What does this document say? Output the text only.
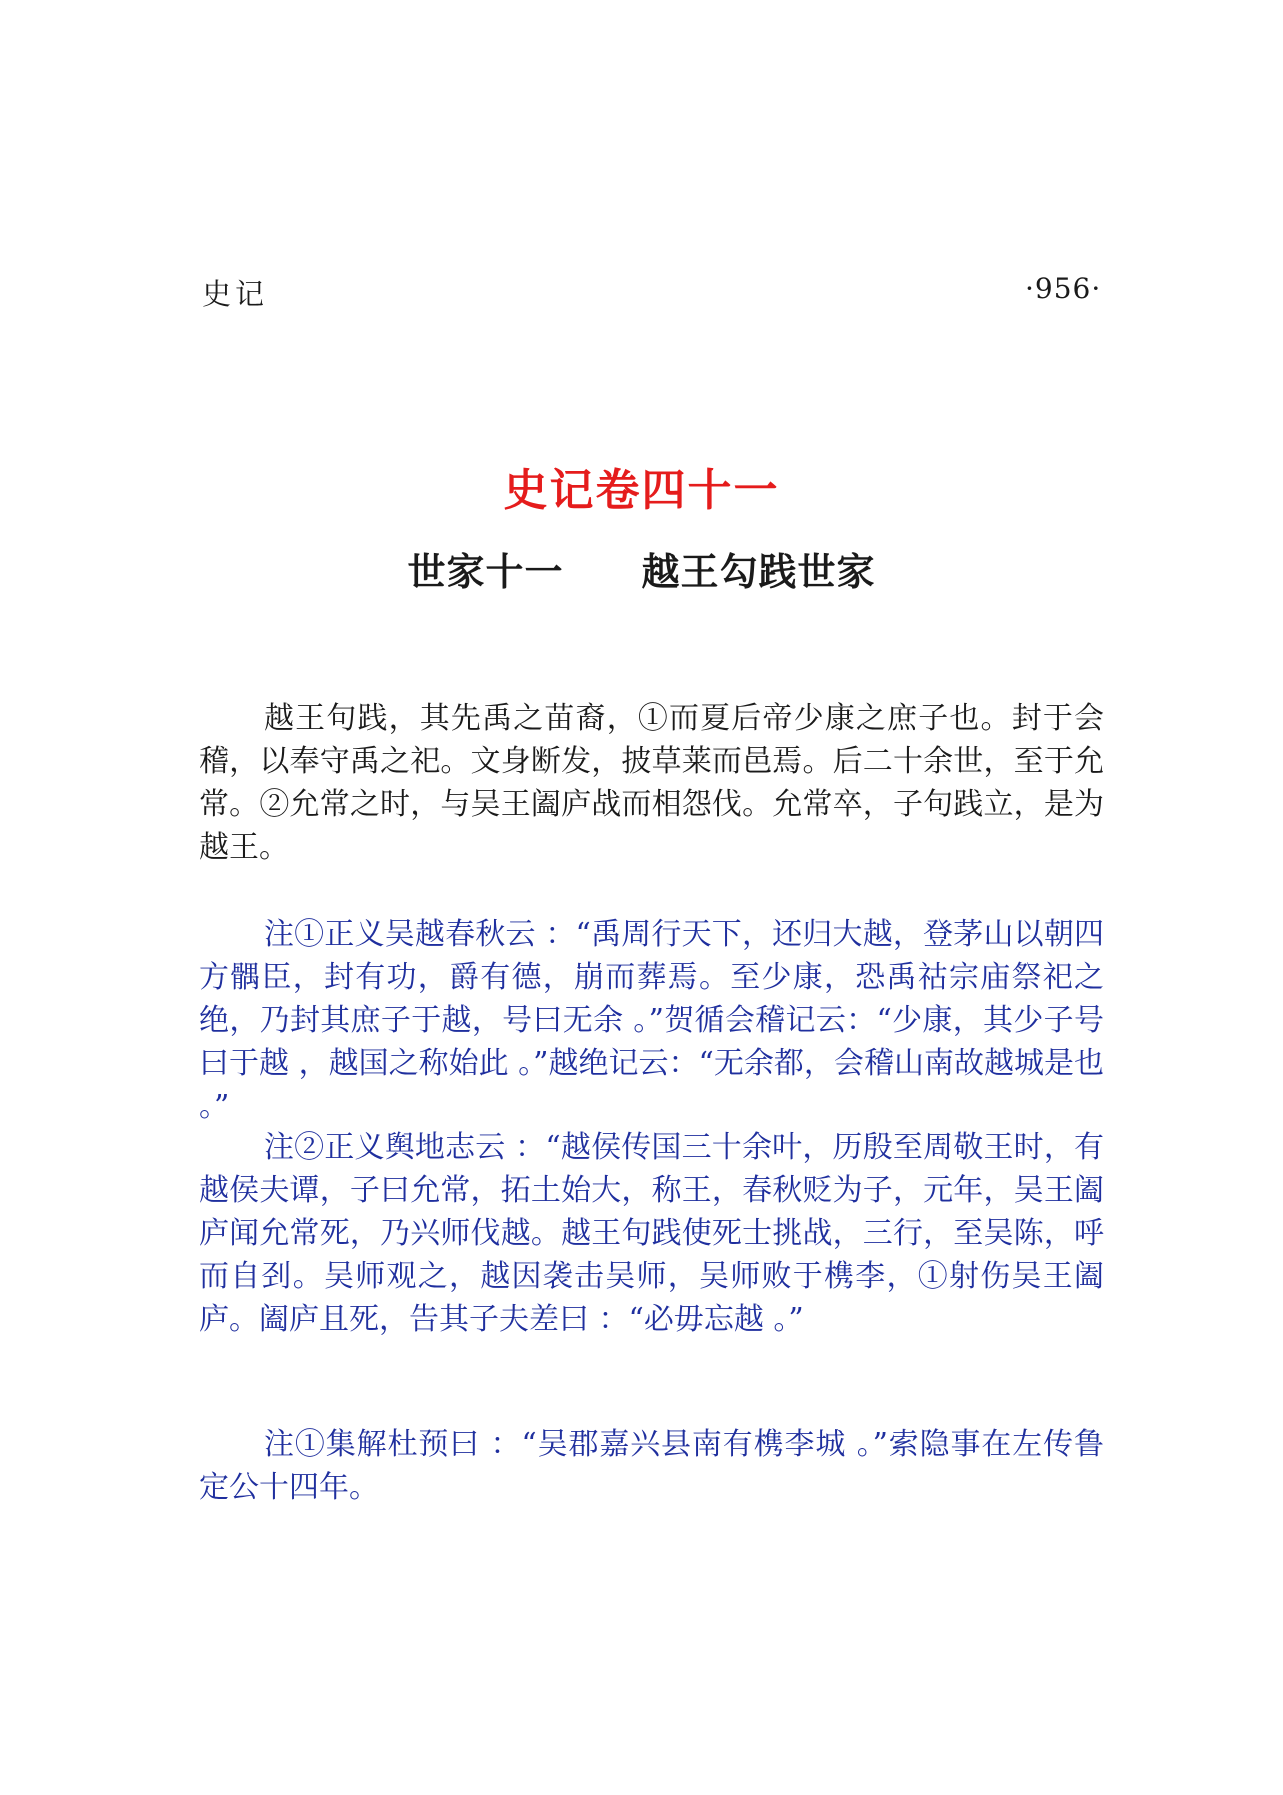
史记	·956·
史记卷四十一
世家十一　　越王勾践世家

越王句践，其先禹之苗裔，①而夏后帝少康之庶子也。封于会稽，以奉守禹之祀。文身断发，披草莱而邑焉。后二十余世，至于允常。②允常之时，与吴王阖庐战而相怨伐。允常卒，子句践立，是为越王。

注①正义吴越春秋云 ：“禹周行天下，还归大越，登茅山以朝四方髃臣，封有功，爵有德，崩而葬焉。至少康，恐禹祜宗庙祭祀之绝，乃封其庶子于越，号曰无余 。”贺循会稽记云：“少康，其少子号曰于越 ，越国之称始此 。”越绝记云：“无余都，会稽山南故越城是也 。”

注②正义舆地志云 ：“越侯传国三十余叶，历殷至周敬王时，有越侯夫谭，子曰允常，拓土始大，称王，春秋贬为子，元年，吴王阖庐闻允常死，乃兴师伐越。越王句践使死士挑战，三行，至吴陈，呼而自刭。吴师观之，越因袭击吴师，吴师败于槜李，①射伤吴王阖庐。阖庐且死，告其子夫差曰 ：“必毋忘越 。”

注①集解杜预曰 ：“吴郡嘉兴县南有槜李城 。”索隐事在左传鲁定公十四年。
